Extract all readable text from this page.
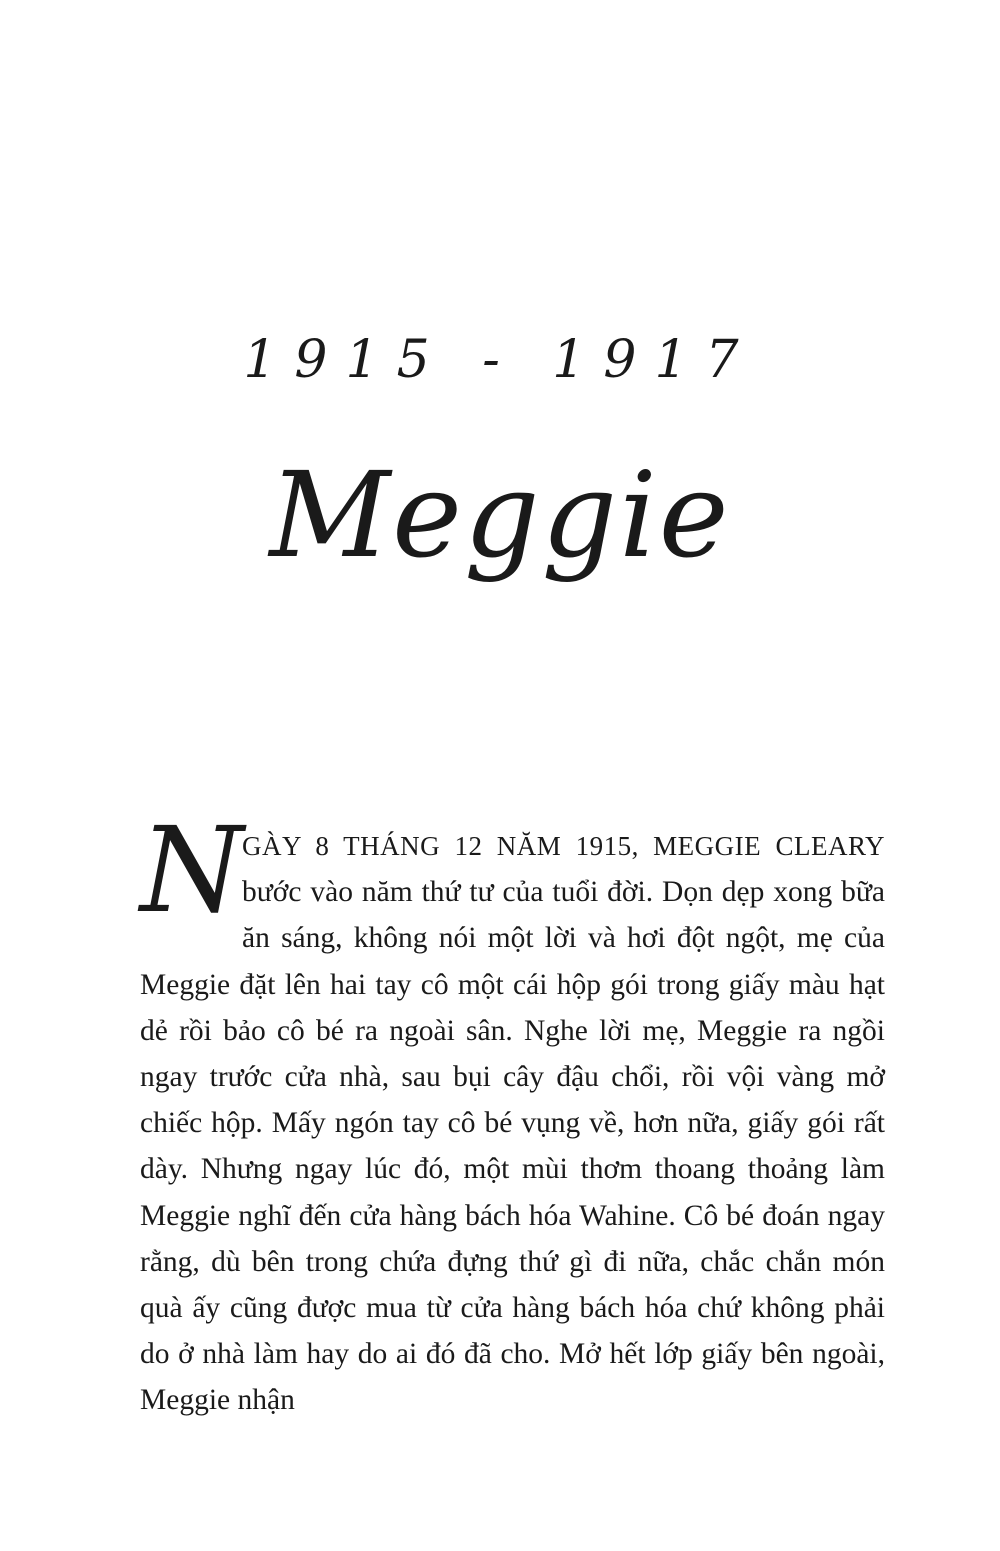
1915 - 1917
Meggie

N
GÀY 8 THÁNG 12 NĂM 1915, MEGGIE CLEARY bước vào năm thứ tư của tuổi đời. Dọn dẹp xong bữa ăn sáng, không nói một lời và hơi đột ngột, mẹ của Meggie đặt lên hai tay cô một cái hộp gói trong giấy màu hạt dẻ rồi bảo cô bé ra ngoài sân. Nghe lời mẹ, Meggie ra ngồi ngay trước cửa nhà, sau bụi cây đậu chổi, rồi vội vàng mở chiếc hộp. Mấy ngón tay cô bé vụng về, hơn nữa, giấy gói rất dày. Nhưng ngay lúc đó, một mùi thơm thoang thoảng làm Meggie nghĩ đến cửa hàng bách hóa Wahine. Cô bé đoán ngay rằng, dù bên trong chứa đựng thứ gì đi nữa, chắc chắn món quà ấy cũng được mua từ cửa hàng bách hóa chứ không phải do ở nhà làm hay do ai đó đã cho. Mở hết lớp giấy bên ngoài, Meggie nhận
